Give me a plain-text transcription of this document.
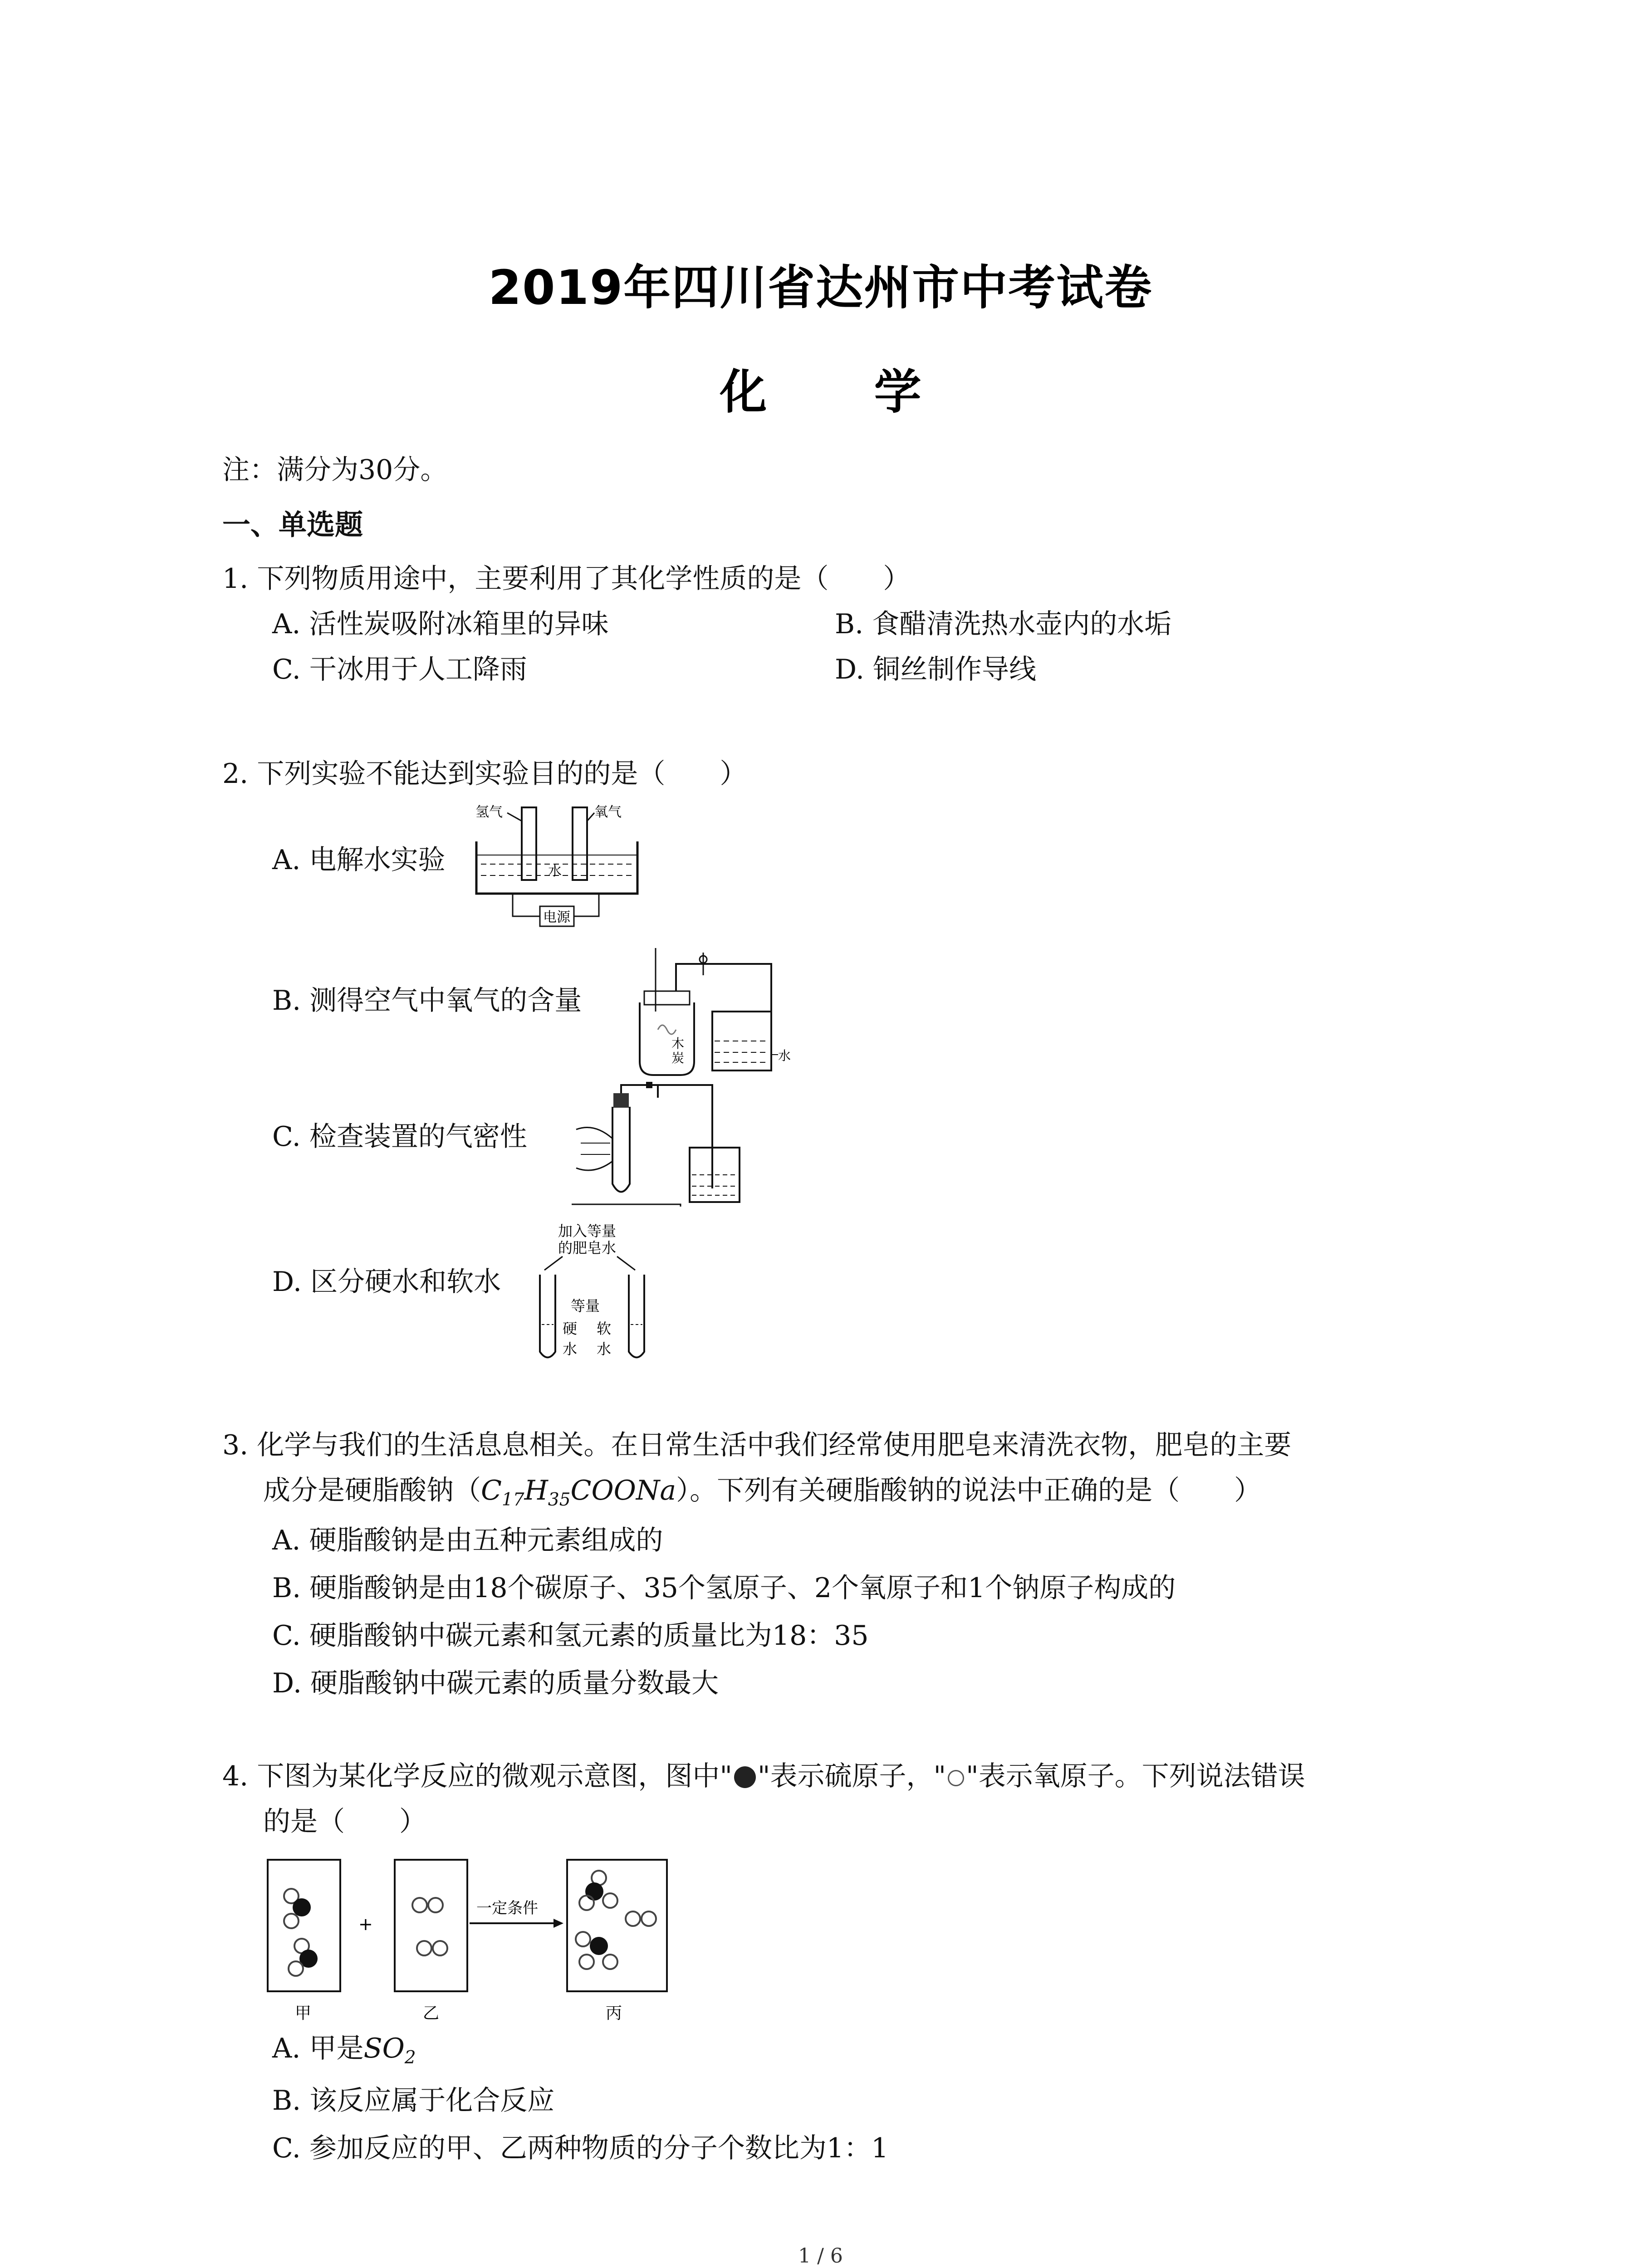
2019年四川省达州市中考试卷
化 学
注：满分为30分。
一、单选题
1. 下列物质用途中，主要利用了其化学性质的是（　　）
A. 活性炭吸附冰箱里的异味	B. 食醋清洗热水壶内的水垢
C. 干冰用于人工降雨	D. 铜丝制作导线
2. 下列实验不能达到实验目的的是（　　）
A. 电解水实验
氢气	氧气
水
电源
B. 测得空气中氧气的含量
木
炭	水
C. 检查装置的气密性
D. 区分硬水和软水
加入等量
的肥皂水
等量
硬
水
软
水
3. 化学与我们的生活息息相关。在日常生活中我们经常使用肥皂来清洗衣物，肥皂的主要
成分是硬脂酸钠$(C_{17}H_{35}COONa)$。下列有关硬脂酸钠的说法中正确的是（　　）
A. 硬脂酸钠是由五种元素组成的
B. 硬脂酸钠是由18个碳原子、35个氢原子、2个氧原子和1个钠原子构成的
C. 硬脂酸钠中碳元素和氢元素的质量比为18：35
D. 硬脂酸钠中碳元素的质量分数最大
4. 下图为某化学反应的微观示意图，图中" "表示硫原子，" "表示氧原子。下列说法错误
的是（　　）
+
一定条件
甲	乙	丙
A. 甲是$SO_2$
B. 该反应属于化合反应
C. 参加反应的甲、乙两种物质的分子个数比为1：1
1 / 6
